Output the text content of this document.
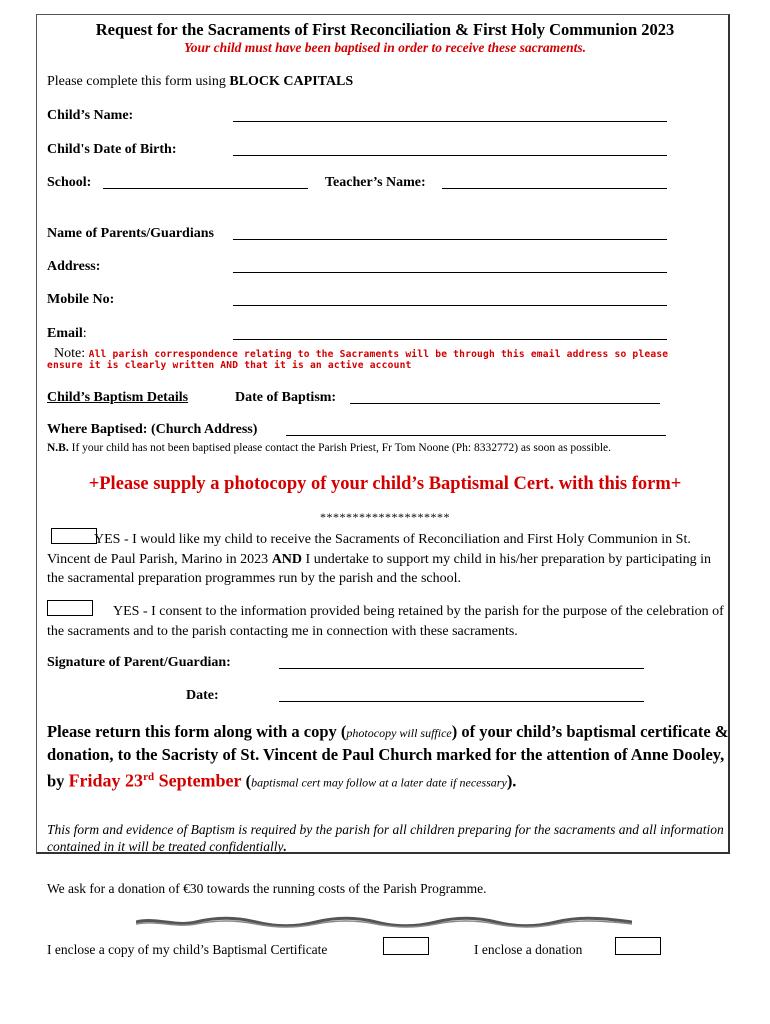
Request for the Sacraments of First Reconciliation & First Holy Communion 2023
Your child must have been baptised in order to receive these sacraments.
Please complete this form using BLOCK CAPITALS
Child’s Name:
Child's Date of Birth:
School:	Teacher’s Name:
Name of Parents/Guardians
Address:
Mobile No:
Email:
Note: All parish correspondence relating to the Sacraments will be through this email address so please
ensure it is clearly written AND that it is an active account
Child’s Baptism Details	Date of Baptism:
Where Baptised: (Church Address)
N.B. If your child has not been baptised please contact the Parish Priest, Fr Tom Noone (Ph: 8332772) as soon as possible.
+Please supply a photocopy of your child’s Baptismal Cert. with this form+
********************
YES - I would like my child to receive the Sacraments of Reconciliation and First Holy Communion in St. Vincent de Paul Parish, Marino in 2023 AND I undertake to support my child in his/her preparation by participating in the sacramental preparation programmes run by the parish and the school.
YES - I consent to the information provided being retained by the parish for the purpose of the celebration of the sacraments and to the parish contacting me in connection with these sacraments.
Signature of Parent/Guardian:
Date:
Please return this form along with a copy (photocopy will suffice) of your child’s baptismal certificate & donation, to the Sacristy of St. Vincent de Paul Church marked for the attention of Anne Dooley, by Friday 23rd September (baptismal cert may follow at a later date if necessary).
This form and evidence of Baptism is required by the parish for all children preparing for the sacraments and all information contained in it will be treated confidentially.
We ask for a donation of €30 towards the running costs of the Parish Programme.
I enclose a copy of my child’s Baptismal Certificate	I enclose a donation
